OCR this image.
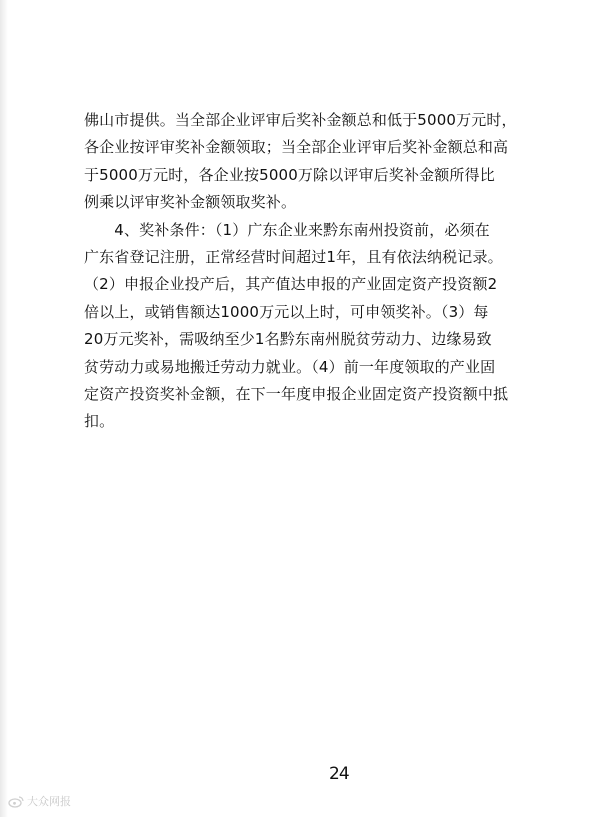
佛山市提供。当全部企业评审后奖补金额总和低于5000万元时，
各企业按评审奖补金额领取；当全部企业评审后奖补金额总和高
于5000万元时，各企业按5000万除以评审后奖补金额所得比
例乘以评审奖补金额领取奖补。
　　4、奖补条件：（1）广东企业来黔东南州投资前，必须在
广东省登记注册，正常经营时间超过1年，且有依法纳税记录。
（2）申报企业投产后，其产值达申报的产业固定资产投资额2
倍以上，或销售额达1000万元以上时，可申领奖补。（3）每
20万元奖补，需吸纳至少1名黔东南州脱贫劳动力、边缘易致
贫劳动力或易地搬迁劳动力就业。（4）前一年度领取的产业固
定资产投资奖补金额，在下一年度申报企业固定资产投资额中抵
扣。
24
大众网报
